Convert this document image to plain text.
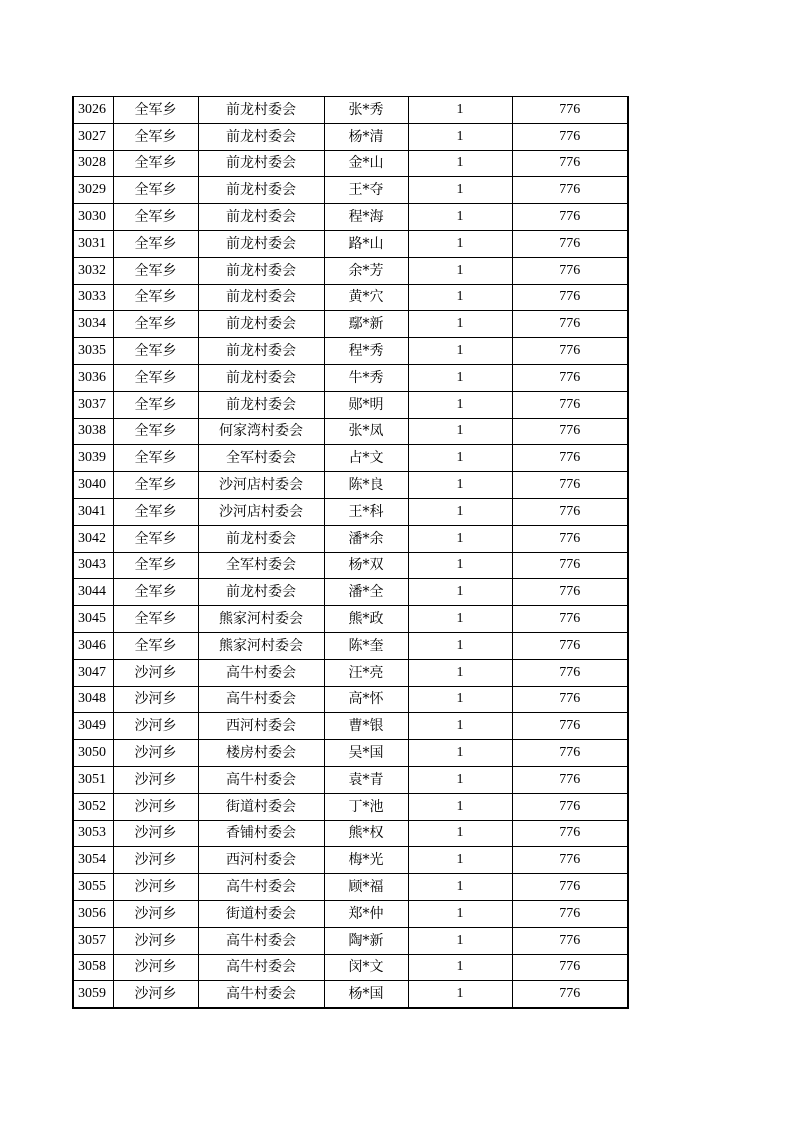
3026	全军乡	前龙村委会	张*秀	1	776
3027	全军乡	前龙村委会	杨*清	1	776
3028	全军乡	前龙村委会	金*山	1	776
3029	全军乡	前龙村委会	王*夺	1	776
3030	全军乡	前龙村委会	程*海	1	776
3031	全军乡	前龙村委会	路*山	1	776
3032	全军乡	前龙村委会	余*芳	1	776
3033	全军乡	前龙村委会	黄*穴	1	776
3034	全军乡	前龙村委会	鄢*新	1	776
3035	全军乡	前龙村委会	程*秀	1	776
3036	全军乡	前龙村委会	牛*秀	1	776
3037	全军乡	前龙村委会	郧*明	1	776
3038	全军乡	何家湾村委会	张*凤	1	776
3039	全军乡	全军村委会	占*文	1	776
3040	全军乡	沙河店村委会	陈*良	1	776
3041	全军乡	沙河店村委会	王*科	1	776
3042	全军乡	前龙村委会	潘*余	1	776
3043	全军乡	全军村委会	杨*双	1	776
3044	全军乡	前龙村委会	潘*全	1	776
3045	全军乡	熊家河村委会	熊*政	1	776
3046	全军乡	熊家河村委会	陈*奎	1	776
3047	沙河乡	高牛村委会	汪*亮	1	776
3048	沙河乡	高牛村委会	高*怀	1	776
3049	沙河乡	西河村委会	曹*银	1	776
3050	沙河乡	楼房村委会	吴*国	1	776
3051	沙河乡	高牛村委会	袁*青	1	776
3052	沙河乡	街道村委会	丁*池	1	776
3053	沙河乡	香铺村委会	熊*权	1	776
3054	沙河乡	西河村委会	梅*光	1	776
3055	沙河乡	高牛村委会	顾*福	1	776
3056	沙河乡	街道村委会	郑*仲	1	776
3057	沙河乡	高牛村委会	陶*新	1	776
3058	沙河乡	高牛村委会	闵*文	1	776
3059	沙河乡	高牛村委会	杨*国	1	776
